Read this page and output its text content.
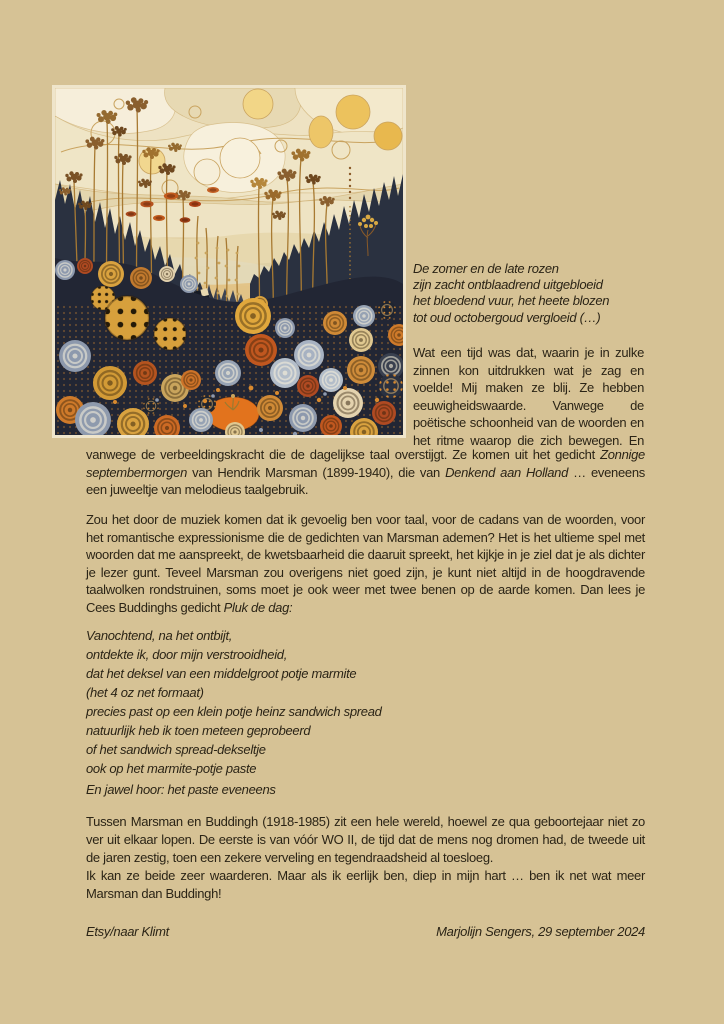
De zomer en de late rozen
zijn zacht ontblaadrend uitgebloeid
het bloedend vuur, het heete blozen
tot oud octobergoud vergloeid (…)
Wat een tijd was dat, waarin je in zulke zinnen kon uitdrukken wat je zag en voelde! Mij maken ze blij. Ze hebben eeuwigheidswaarde. Vanwege de poëtische schoonheid van de woorden en het ritme waarop die zich bewegen. En
vanwege de verbeeldingskracht die de dagelijkse taal overstijgt. Ze komen uit het gedicht Zonnige septembermorgen van Hendrik Marsman (1899-1940), die van Denkend aan Holland … eveneens een juweeltje van melodieus taalgebruik.
Zou het door de muziek komen dat ik gevoelig ben voor taal, voor de cadans van de woorden, voor het romantische expressionisme die de gedichten van Marsman ademen? Het is het ultieme spel met woorden dat me aanspreekt, de kwetsbaarheid die daaruit spreekt, het kijkje in je ziel dat je als dichter je lezer gunt. Teveel Marsman zou overigens niet goed zijn, je kunt niet altijd in de hoogdravende taalwolken rondstruinen, soms moet je ook weer met twee benen op de aarde komen. Dan lees je Cees Buddinghs gedicht Pluk de dag:
Vanochtend, na het ontbijt,
ontdekte ik, door mijn verstrooidheid,
dat het deksel van een middelgroot potje marmite
(het 4 oz net formaat)
precies past op een klein potje heinz sandwich spread
natuurlijk heb ik toen meteen geprobeerd
of het sandwich spread-dekseltje
ook op het marmite-potje paste
En jawel hoor: het paste eveneens
Tussen Marsman en Buddingh (1918-1985) zit een hele wereld, hoewel ze qua geboortejaar niet zo ver uit elkaar lopen. De eerste is van vóór WO II, de tijd dat de mens nog dromen had, de tweede uit de jaren zestig, toen een zekere verveling en tegendraadsheid al toesloeg.
Ik kan ze beide zeer waarderen. Maar als ik eerlijk ben, diep in mijn hart … ben ik net wat meer Marsman dan Buddingh!
Etsy/naar Klimt	Marjolijn Sengers, 29 september 2024
